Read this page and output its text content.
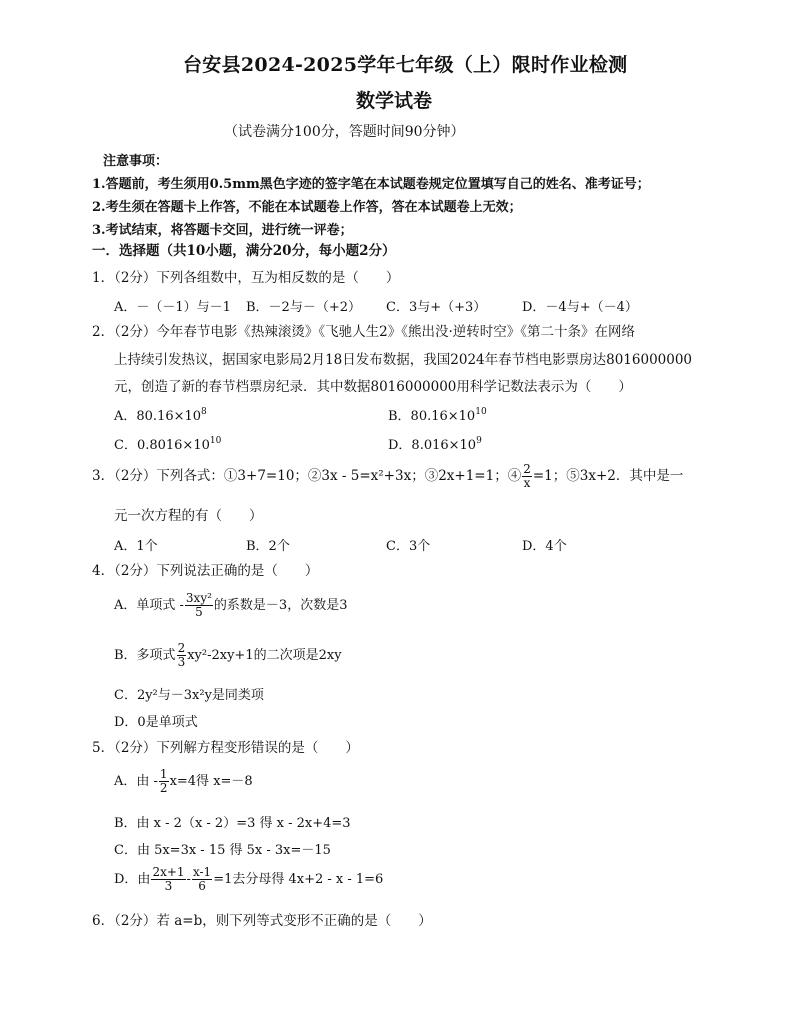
台安县2024-2025学年七年级（上）限时作业检测
数学试卷
（试卷满分100分，答题时间90分钟）
注意事项：
1.答题前，考生须用0.5mm黑色字迹的签字笔在本试题卷规定位置填写自己的姓名、准考证号；
2.考生须在答题卡上作答，不能在本试题卷上作答，答在本试题卷上无效；
3.考试结束，将答题卡交回，进行统一评卷；
一．选择题（共10小题，满分20分，每小题2分）
1．（2分）下列各组数中，互为相反数的是（　　）
A．－（－1）与－1 B．－2与－（+2） C．3与+（+3）	D．－4与+（－4）
2．（2分）今年春节电影《热辣滚烫》《飞驰人生2》《熊出没·逆转时空》《第二十条》在网络
上持续引发热议，据国家电影局2月18日发布数据，我国2024年春节档电影票房达8016000000
元，创造了新的春节档票房纪录．其中数据8016000000用科学记数法表示为（　　）
A．$80.16\times 10^8$	B．$80.16\times 10^{10}$
C．$0.8016\times 10^{10}$	D．$8.016\times 10^9$
3．（2分）下列各式：①3+7=10；②3x - 5=x²+3x；③2x+1=1；④ $\frac{2}{x} =1$；⑤3x+2．其中是一
元一次方程的有（　　）
A．1个	B．2个	C．3个	D．4个
4．（2分）下列说法正确的是（　　）
A．单项式 - $\frac{\text{3xy²}}{5}$ 的系数是－3，次数是3
B．多项式 $\frac{2}{3} xy^2-2xy+1$的二次项是2xy
C．2y²与－3x²y是同类项
D．0是单项式
5．（2分）下列解方程变形错误的是（　　）
A．由 - $\frac{1}{2} x=4$得 x=－8
B．由 x - 2（x - 2）=3 得 x - 2x+4=3
C．由 5x=3x - 15 得 5x - 3x=－15
D．由 $\frac{2x+1}{3} - \frac{x-1}{6} =1$去分母得 4x+2 - x - 1=6
6．（2分）若 a=b，则下列等式变形不正确的是（　　）
